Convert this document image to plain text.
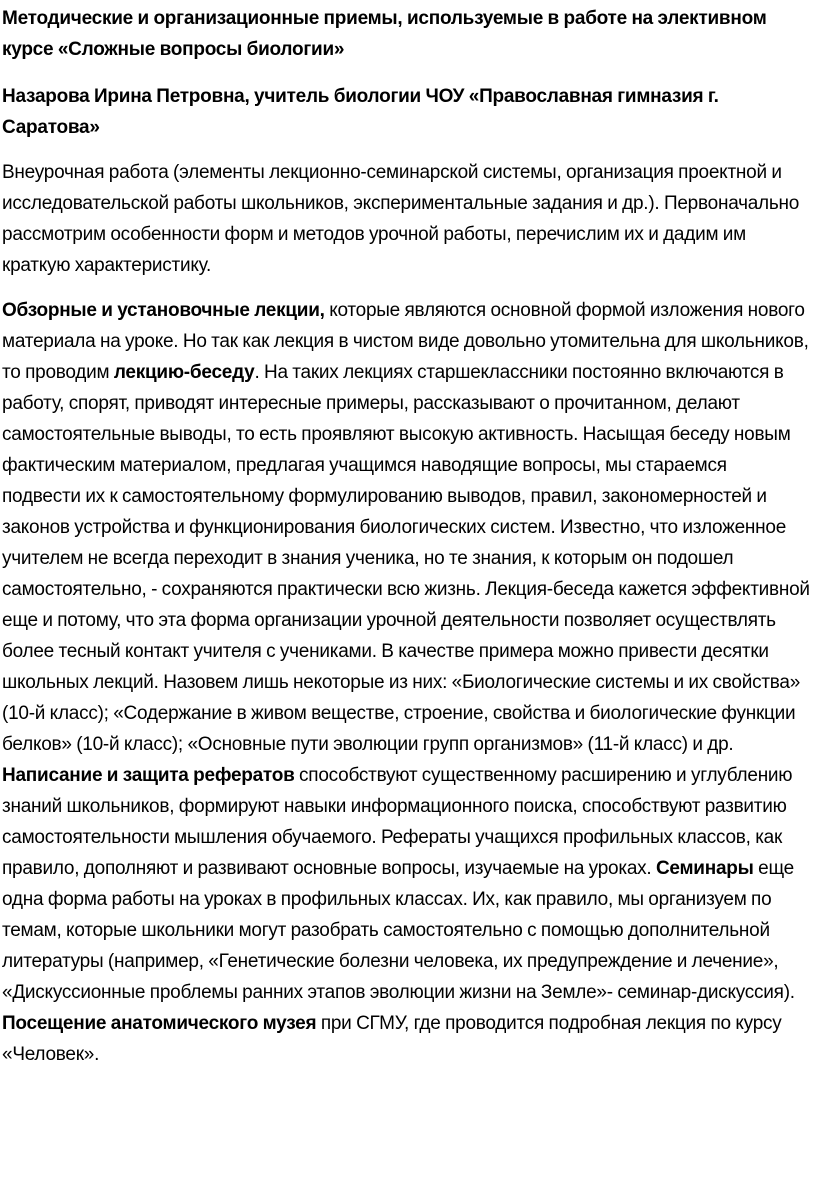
Методические и организационные приемы, используемые в работе на элективном курсе «Сложные вопросы биологии»

Назарова Ирина Петровна, учитель биологии ЧОУ «Православная гимназия г. Саратова»

Внеурочная работа (элементы лекционно-семинарской системы, организация проектной и исследовательской работы школьников, экспериментальные задания и др.). Первоначально рассмотрим особенности форм и методов урочной работы, перечислим их и дадим им краткую характеристику.

Обзорные и установочные лекции, которые являются основной формой изложения нового материала на уроке. Но так как лекция в чистом виде довольно утомительна для школьников, то проводим лекцию-беседу. На таких лекциях старшеклассники постоянно включаются в работу, спорят, приводят интересные примеры, рассказывают о прочитанном, делают самостоятельные выводы, то есть проявляют высокую активность. Насыщая беседу новым фактическим материалом, предлагая учащимся наводящие вопросы, мы стараемся подвести их к самостоятельному формулированию выводов, правил, закономерностей и законов устройства и функционирования биологических систем. Известно, что изложенное учителем не всегда переходит в знания ученика, но те знания, к которым он подошел самостоятельно, - сохраняются практически всю жизнь. Лекция-беседа кажется эффективной еще и потому, что эта форма организации урочной деятельности позволяет осуществлять более тесный контакт учителя с учениками. В качестве примера можно привести десятки школьных лекций. Назовем лишь некоторые из них: «Биологические системы и их свойства» (10-й класс); «Содержание в живом веществе, строение, свойства и биологические функции белков» (10-й класс); «Основные пути эволюции групп организмов» (11-й класс) и др.

Написание и защита рефератов способствуют существенному расширению и углублению знаний школьников, формируют навыки информационного поиска, способствуют развитию самостоятельности мышления обучаемого. Рефераты учащихся профильных классов, как правило, дополняют и развивают основные вопросы, изучаемые на уроках. Семинары еще одна форма работы на уроках в профильных классах. Их, как правило, мы организуем по темам, которые школьники могут разобрать самостоятельно с помощью дополнительной литературы (например, «Генетические болезни человека, их предупреждение и лечение», «Дискуссионные проблемы ранних этапов эволюции жизни на Земле»- семинар-дискуссия). Посещение анатомического музея при СГМУ, где проводится подробная лекция по курсу «Человек».
